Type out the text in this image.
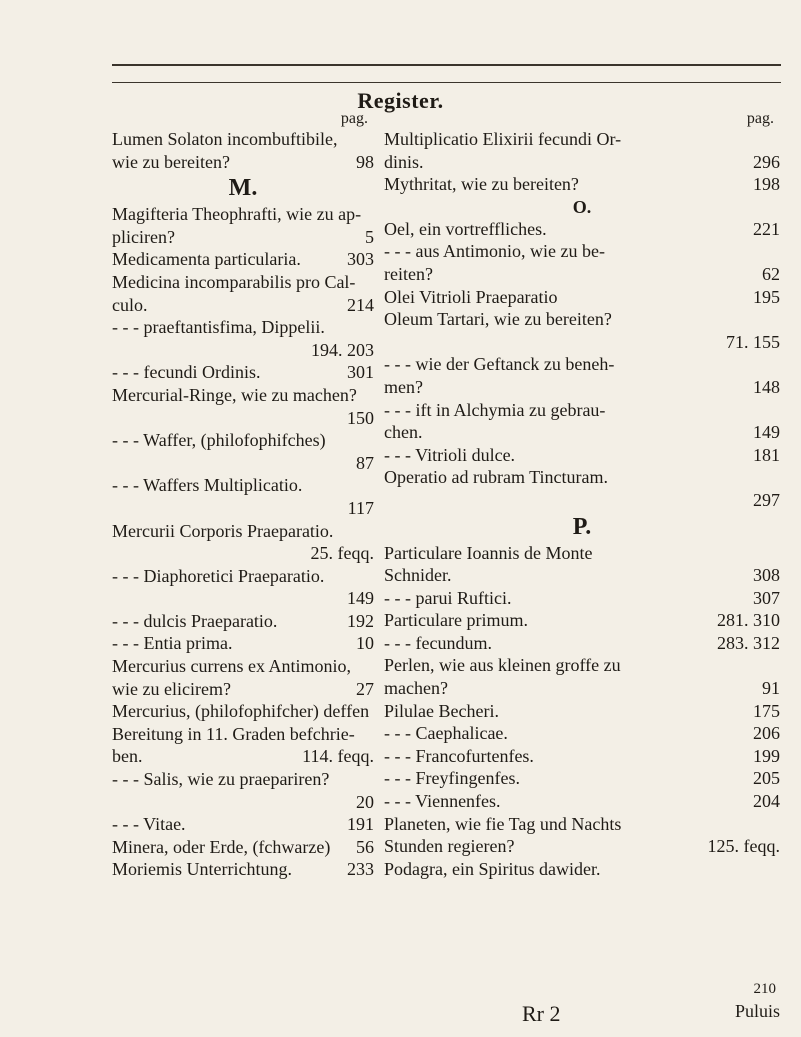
Register.
pag.
Lumen Solaton incombuftibile,
98
wie zu bereiten?
M.
Magifteria Theophrafti, wie zu ap-
5
pliciren?
303
Medicamenta particularia.
Medicina incomparabilis pro Cal-
214
culo.
- - - praeftantisfima, Dippelii.
194. 203
301
- - - fecundi Ordinis.
Mercurial-Ringe, wie zu machen?
150
- - - Waffer, (philofophifches)
87
- - - Waffers Multiplicatio.
117
Mercurii Corporis Praeparatio.
25. feqq.
- - - Diaphoretici Praeparatio.
149
192
- - - dulcis Praeparatio.
10
- - - Entia prima.
Mercurius currens ex Antimonio,
27
wie zu elicirem?
Mercurius, (philofophifcher) deffen
Bereitung in 11. Graden befchrie-
114. feqq.
ben.
- - - Salis, wie zu praepariren?
20
191
- - - Vitae.
56
Minera, oder Erde, (fchwarze)
233
Moriemis Unterrichtung.
pag.
Multiplicatio Elixirii fecundi Or-
296
dinis.
198
Mythritat, wie zu bereiten?
O.
221
Oel, ein vortreffliches.
- - - aus Antimonio, wie zu be-
62
reiten?
195
Olei Vitrioli Praeparatio
Oleum Tartari, wie zu bereiten?
71. 155
- - - wie der Geftanck zu beneh-
148
men?
- - - ift in Alchymia zu gebrau-
149
chen.
181
- - - Vitrioli dulce.
Operatio ad rubram Tincturam.
297
P.
Particulare Ioannis de Monte
308
Schnider.
307
- - - parui Ruftici.
281. 310
Particulare primum.
283. 312
- - - fecundum.
Perlen, wie aus kleinen groffe zu
91
machen?
175
Pilulae Becheri.
206
- - - Caephalicae.
199
- - - Francofurtenfes.
205
- - - Freyfingenfes.
204
- - - Viennenfes.
Planeten, wie fie Tag und Nachts
125. feqq.
Stunden regieren?
Podagra, ein Spiritus dawider.
210
Rr 2	Puluis
